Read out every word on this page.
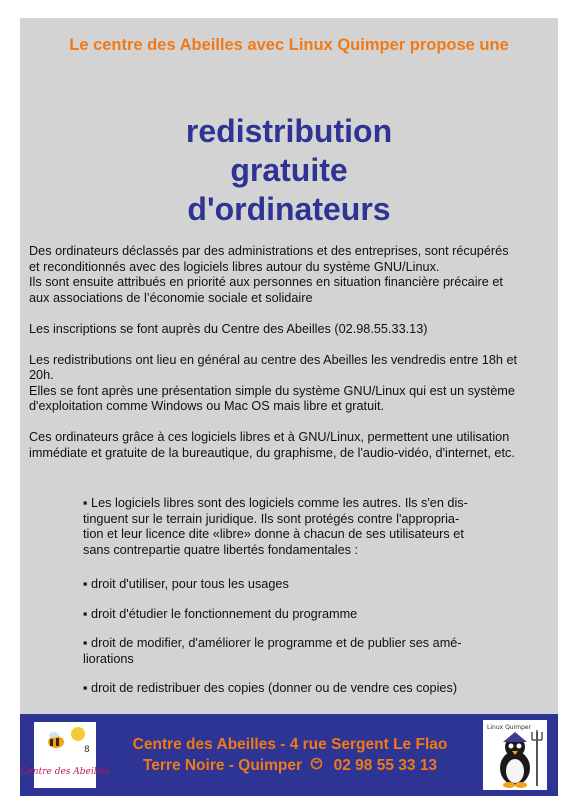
Le centre des Abeilles avec Linux Quimper propose une
redistribution
gratuite
d'ordinateurs

Des ordinateurs déclassés par des administrations et des entreprises, sont récupérés
et reconditionnés avec des logiciels libres autour du système GNU/Linux.
Ils sont ensuite attribués en priorité aux personnes en situation financière précaire et
aux associations de l’économie sociale et solidaire

Les inscriptions se font auprès du Centre des Abeilles (02.98.55.33.13)

Les redistributions ont lieu en général au centre des Abeilles les vendredis entre 18h et
20h.
Elles se font après une présentation simple du système GNU/Linux qui est un système
d'exploitation comme Windows ou Mac OS mais libre et gratuit.

Ces ordinateurs grâce à ces logiciels libres et à GNU/Linux, permettent une utilisation
immédiate et gratuite de la bureautique, du graphisme, de l'audio-vidéo, d'internet, etc.

▪ Les logiciels libres sont des logiciels comme les autres. Ils s'en dis-
tinguent sur le terrain juridique. Ils sont protégés contre l'appropria-
tion et leur licence dite «libre» donne à chacun de ses utilisateurs et
sans contrepartie quatre libertés fondamentales :
▪ droit d'utiliser, pour tous les usages
▪ droit d'étudier le fonctionnement du programme
▪ droit de modifier, d'améliorer le programme et de publier ses amé-
liorations
▪ droit de redistribuer des copies (donner ou de vendre ces copies)
Centre des Abeilles
8	Centre des Abeilles - 4 rue Sergent Le Flao
Terre Noire - Quimper 02 98 55 33 13
Linux Quimper
